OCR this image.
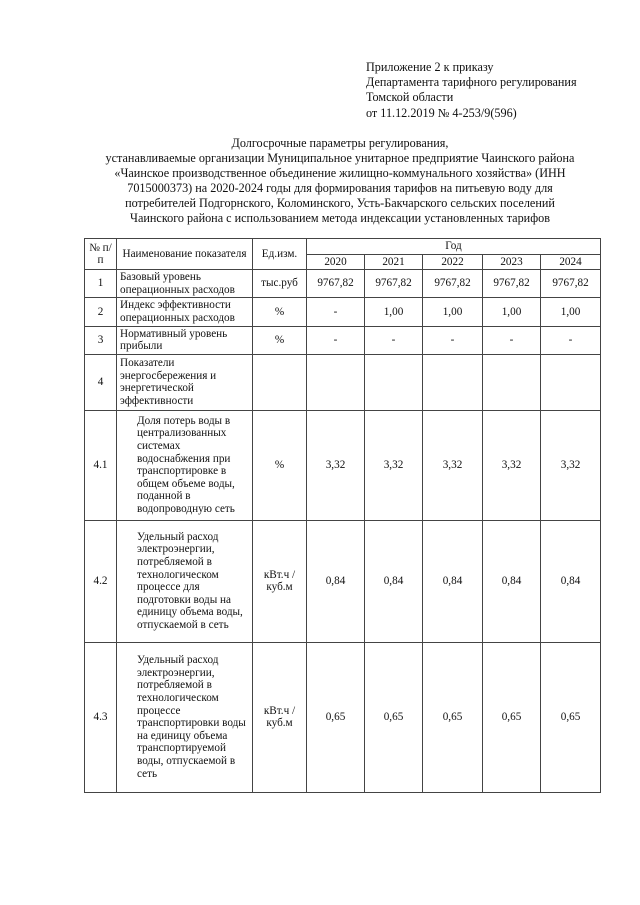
Приложение 2 к приказу
Департамента тарифного регулирования
Томской области
от 11.12.2019 № 4-253/9(596)
Долгосрочные параметры регулирования,
устанавливаемые организации Муниципальное унитарное предприятие Чаинского района
«Чаинское производственное объединение жилищно-коммунального хозяйства» (ИНН
7015000373) на 2020-2024 годы для формирования тарифов на питьевую воду для
потребителей Подгорнского, Коломинского, Усть-Бакчарского сельских поселений
Чаинского района с использованием метода индексации установленных тарифов
№ п/п	Наименование показателя	Ед.изм.	Год				
			2020	2021	2022	2023	2024
1	Базовый уровень операционных расходов	тыс.руб	9767,82	9767,82	9767,82	9767,82	9767,82
2	Индекс эффективности операционных расходов	%	-	1,00	1,00	1,00	1,00
3	Нормативный уровень прибыли	%	-	-	-	-	-
4	Показатели энергосбережения и энергетической эффективности						
4.1	Доля потерь воды в централизованных системах водоснабжения при транспортировке в общем объеме воды, поданной в водопроводную сеть	%	3,32	3,32	3,32	3,32	3,32
4.2	Удельный расход электроэнергии, потребляемой в технологическом процессе для подготовки воды на единицу объема воды, отпускаемой в сеть	кВт.ч / куб.м	0,84	0,84	0,84	0,84	0,84
4.3	Удельный расход электроэнергии, потребляемой в технологическом процессе транспортировки воды на единицу объема транспортируемой воды, отпускаемой в сеть	кВт.ч / куб.м	0,65	0,65	0,65	0,65	0,65
